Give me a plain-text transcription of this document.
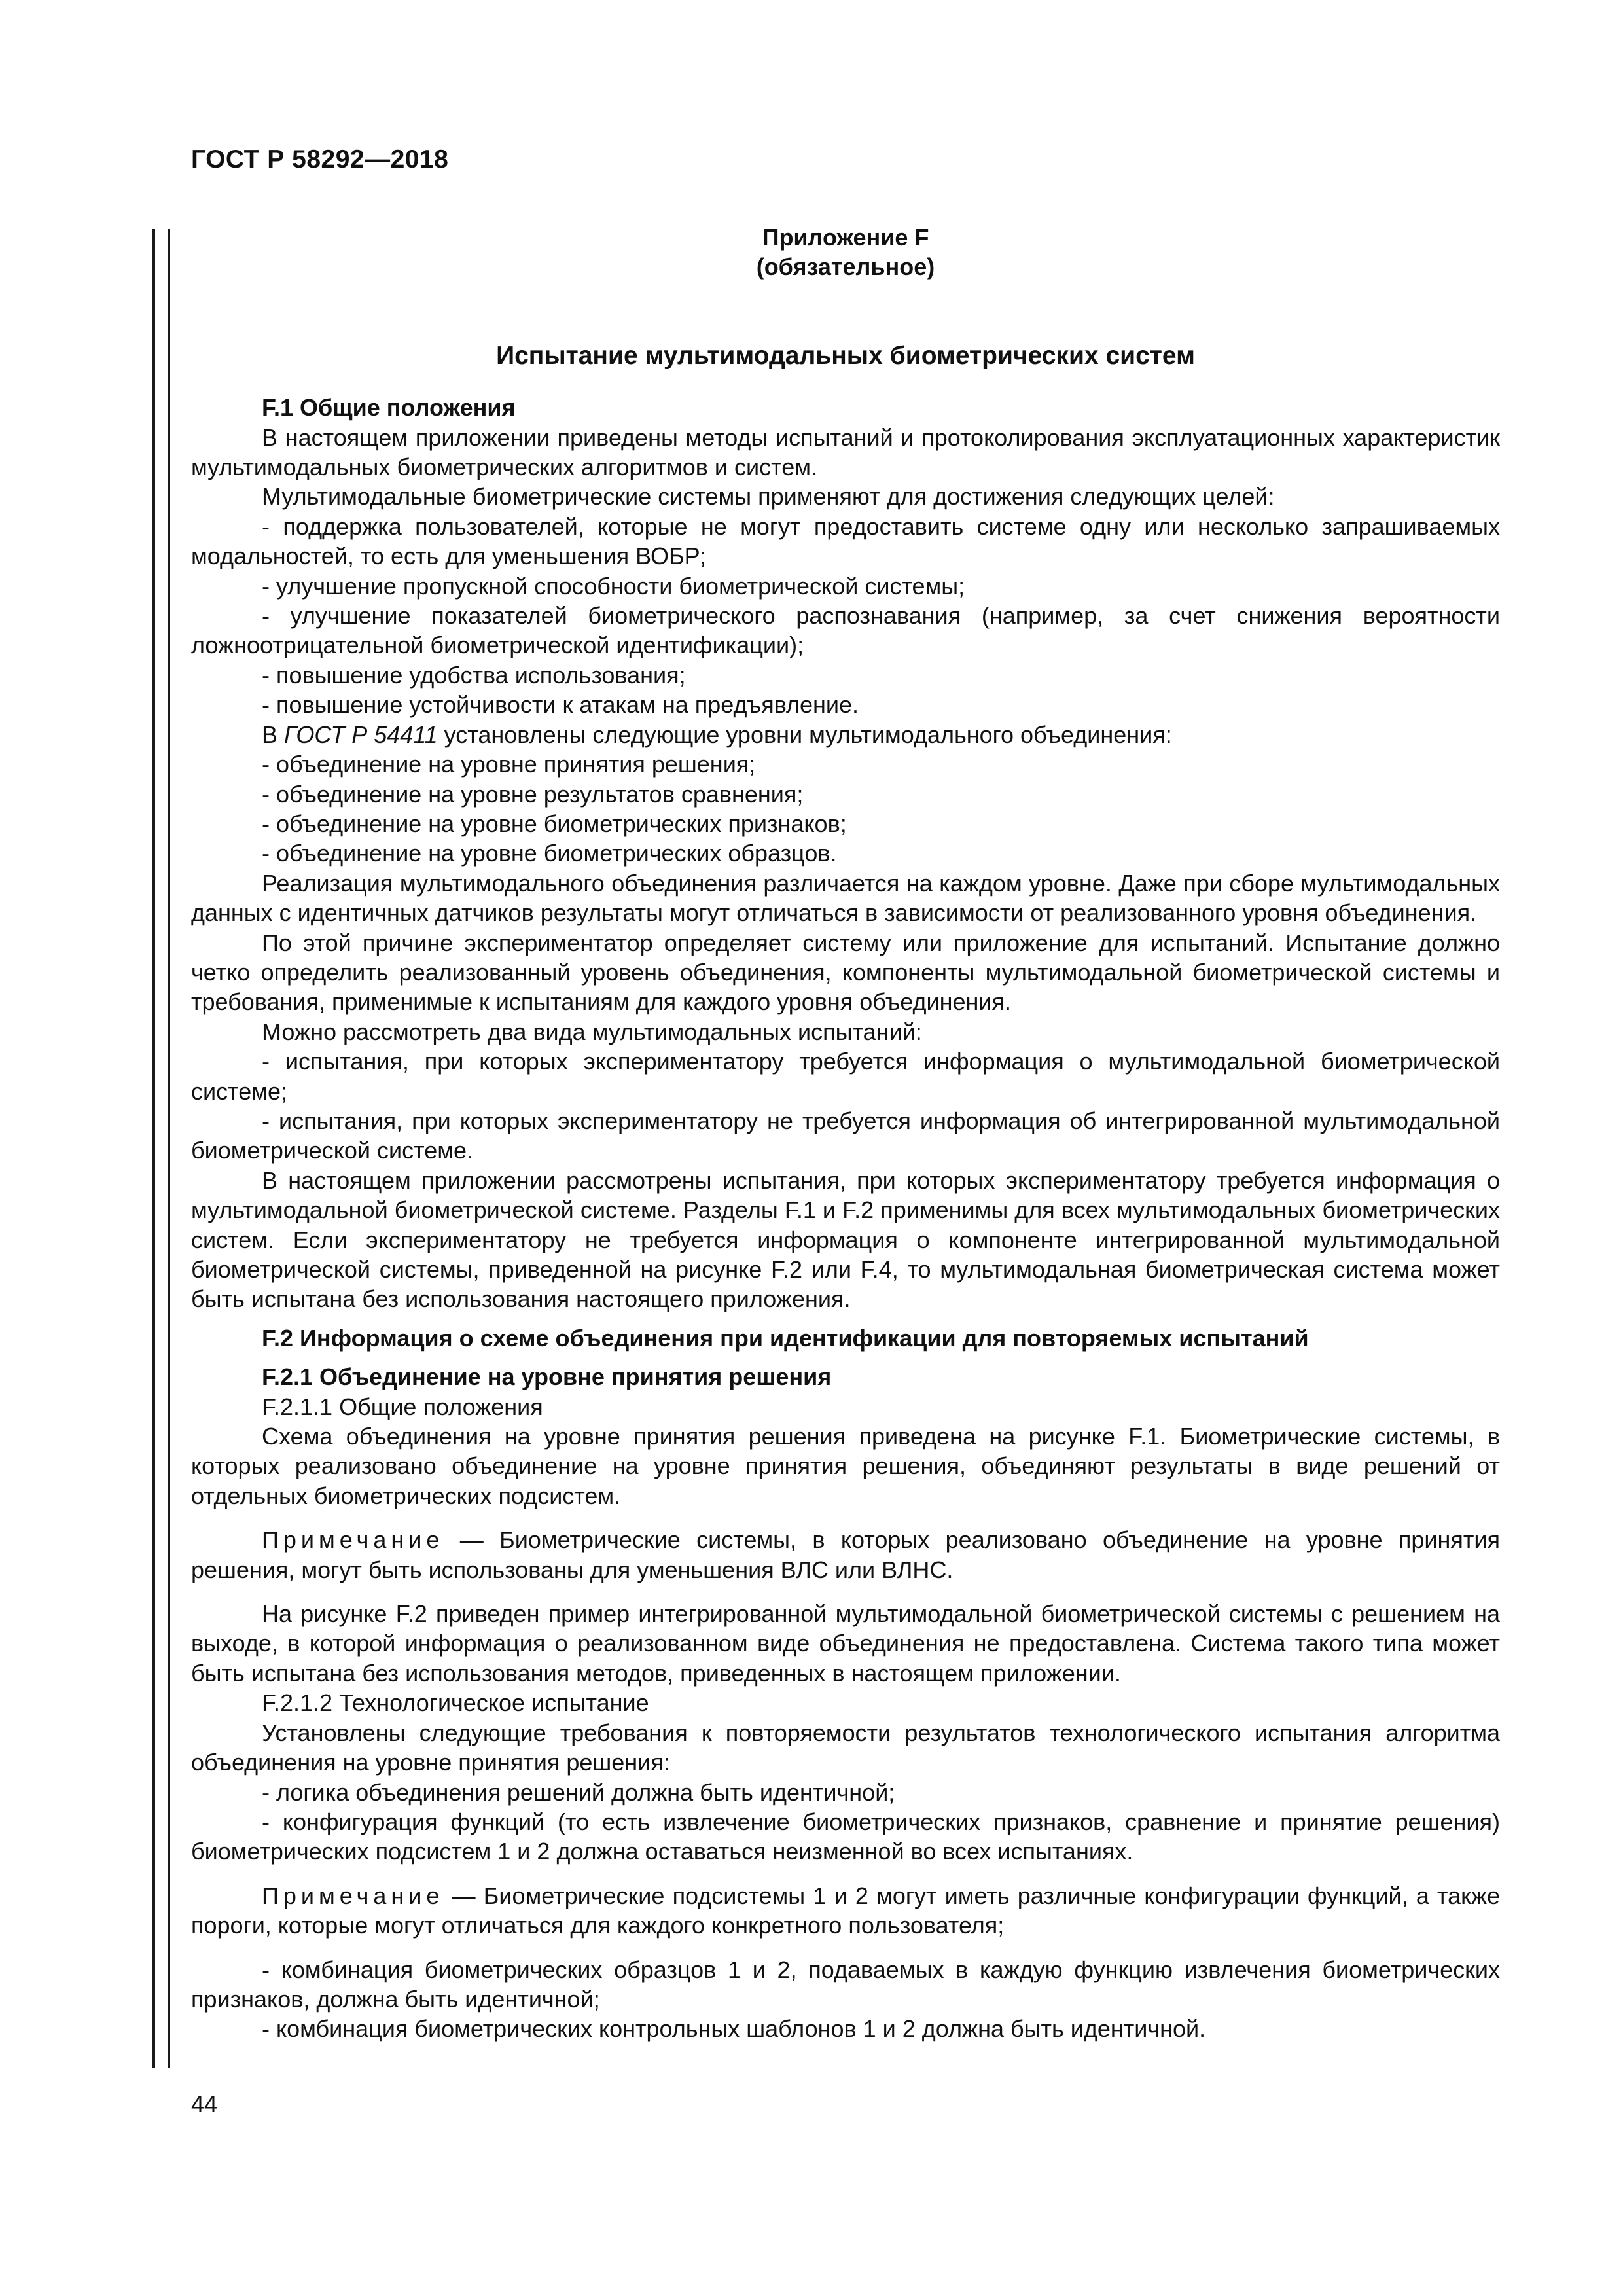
ГОСТ Р 58292—2018

Приложение F

(обязательное)

Испытание мультимодальных биометрических систем

F.1 Общие положения

В настоящем приложении приведены методы испытаний и протоколирования эксплуатационных характеристик мультимодальных биометрических алгоритмов и систем.

Мультимодальные биометрические системы применяют для достижения следующих целей:

- поддержка пользователей, которые не могут предоставить системе одну или несколько запрашиваемых модальностей, то есть для уменьшения ВОБР;

- улучшение пропускной способности биометрической системы;

- улучшение показателей биометрического распознавания (например, за счет снижения вероятности ложноотрицательной биометрической идентификации);

- повышение удобства использования;

- повышение устойчивости к атакам на предъявление.

В ГОСТ Р 54411 установлены следующие уровни мультимодального объединения:

- объединение на уровне принятия решения;

- объединение на уровне результатов сравнения;

- объединение на уровне биометрических признаков;

- объединение на уровне биометрических образцов.

Реализация мультимодального объединения различается на каждом уровне. Даже при сборе мультимодальных данных с идентичных датчиков результаты могут отличаться в зависимости от реализованного уровня объединения.

По этой причине экспериментатор определяет систему или приложение для испытаний. Испытание должно четко определить реализованный уровень объединения, компоненты мультимодальной биометрической системы и требования, применимые к испытаниям для каждого уровня объединения.

Можно рассмотреть два вида мультимодальных испытаний:

- испытания, при которых экспериментатору требуется информация о мультимодальной биометрической системе;

- испытания, при которых экспериментатору не требуется информация об интегрированной мультимодальной биометрической системе.

В настоящем приложении рассмотрены испытания, при которых экспериментатору требуется информация о мультимодальной биометрической системе. Разделы F.1 и F.2 применимы для всех мультимодальных биометрических систем. Если экспериментатору не требуется информация о компоненте интегрированной мультимодальной биометрической системы, приведенной на рисунке F.2 или F.4, то мультимодальная биометрическая система может быть испытана без использования настоящего приложения.

F.2 Информация о схеме объединения при идентификации для повторяемых испытаний

F.2.1 Объединение на уровне принятия решения

F.2.1.1 Общие положения

Схема объединения на уровне принятия решения приведена на рисунке F.1. Биометрические системы, в которых реализовано объединение на уровне принятия решения, объединяют результаты в виде решений от отдельных биометрических подсистем.

Примечание — Биометрические системы, в которых реализовано объединение на уровне принятия решения, могут быть использованы для уменьшения ВЛС или ВЛНС.

На рисунке F.2 приведен пример интегрированной мультимодальной биометрической системы с решением на выходе, в которой информация о реализованном виде объединения не предоставлена. Система такого типа может быть испытана без использования методов, приведенных в настоящем приложении.

F.2.1.2 Технологическое испытание

Установлены следующие требования к повторяемости результатов технологического испытания алгоритма объединения на уровне принятия решения:

- логика объединения решений должна быть идентичной;

- конфигурация функций (то есть извлечение биометрических признаков, сравнение и принятие решения) биометрических подсистем 1 и 2 должна оставаться неизменной во всех испытаниях.

Примечание — Биометрические подсистемы 1 и 2 могут иметь различные конфигурации функций, а также пороги, которые могут отличаться для каждого конкретного пользователя;

- комбинация биометрических образцов 1 и 2, подаваемых в каждую функцию извлечения биометрических признаков, должна быть идентичной;

- комбинация биометрических контрольных шаблонов 1 и 2 должна быть идентичной.

44
